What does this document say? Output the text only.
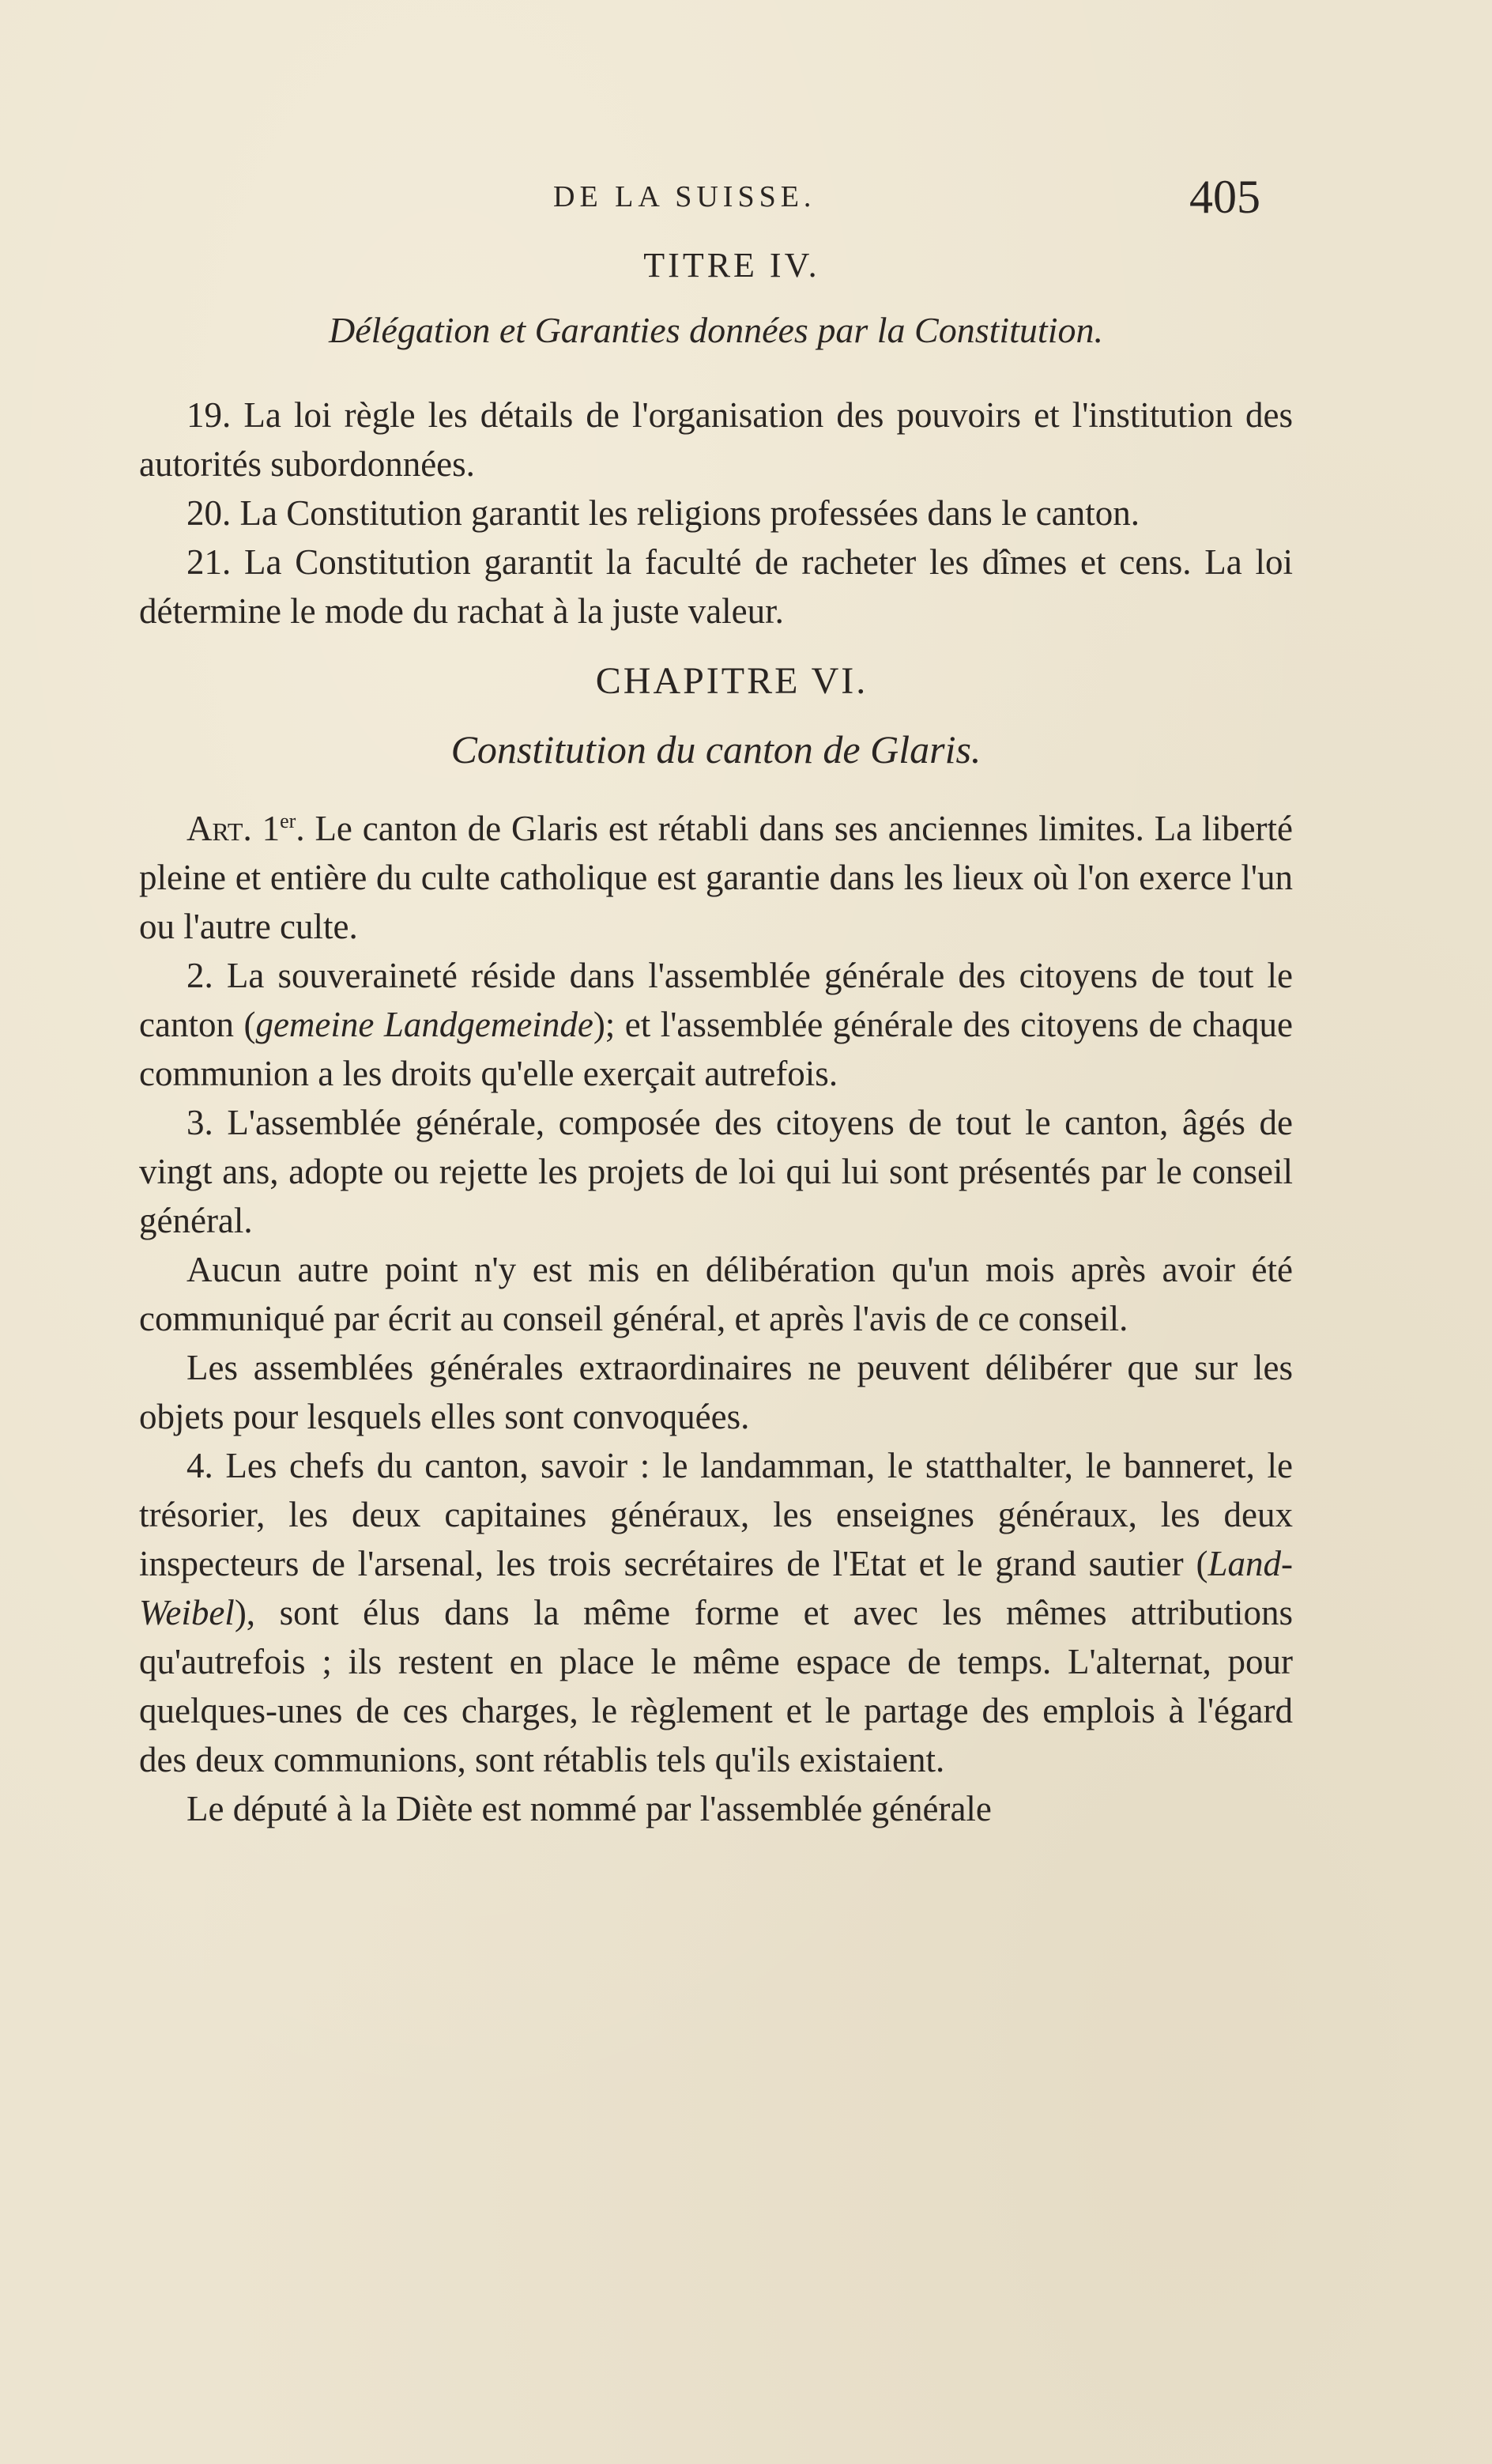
DE LA SUISSE.	405
TITRE IV.
Délégation et Garanties données par la Constitution.

19. La loi règle les détails de l'organisation des pouvoirs et l'institution des autorités subordonnées.

20. La Constitution garantit les religions professées dans le canton.

21. La Constitution garantit la faculté de racheter les dîmes et cens. La loi détermine le mode du rachat à la juste valeur.

CHAPITRE VI.
Constitution du canton de Glaris.

Art. 1er. Le canton de Glaris est rétabli dans ses anciennes limites. La liberté pleine et entière du culte catholique est garantie dans les lieux où l'on exerce l'un ou l'autre culte.

2. La souveraineté réside dans l'assemblée générale des citoyens de tout le canton (gemeine Landgemeinde); et l'assemblée générale des citoyens de chaque communion a les droits qu'elle exerçait autrefois.

3. L'assemblée générale, composée des citoyens de tout le canton, âgés de vingt ans, adopte ou rejette les projets de loi qui lui sont présentés par le conseil général.

Aucun autre point n'y est mis en délibération qu'un mois après avoir été communiqué par écrit au conseil général, et après l'avis de ce conseil.

Les assemblées générales extraordinaires ne peuvent délibérer que sur les objets pour lesquels elles sont convoquées.

4. Les chefs du canton, savoir : le landamman, le statthalter, le banneret, le trésorier, les deux capitaines généraux, les enseignes généraux, les deux inspecteurs de l'arsenal, les trois secrétaires de l'Etat et le grand sautier (Land-Weibel), sont élus dans la même forme et avec les mêmes attributions qu'autrefois ; ils restent en place le même espace de temps. L'alternat, pour quelques-unes de ces charges, le règlement et le partage des emplois à l'égard des deux communions, sont rétablis tels qu'ils existaient.

Le député à la Diète est nommé par l'assemblée générale
